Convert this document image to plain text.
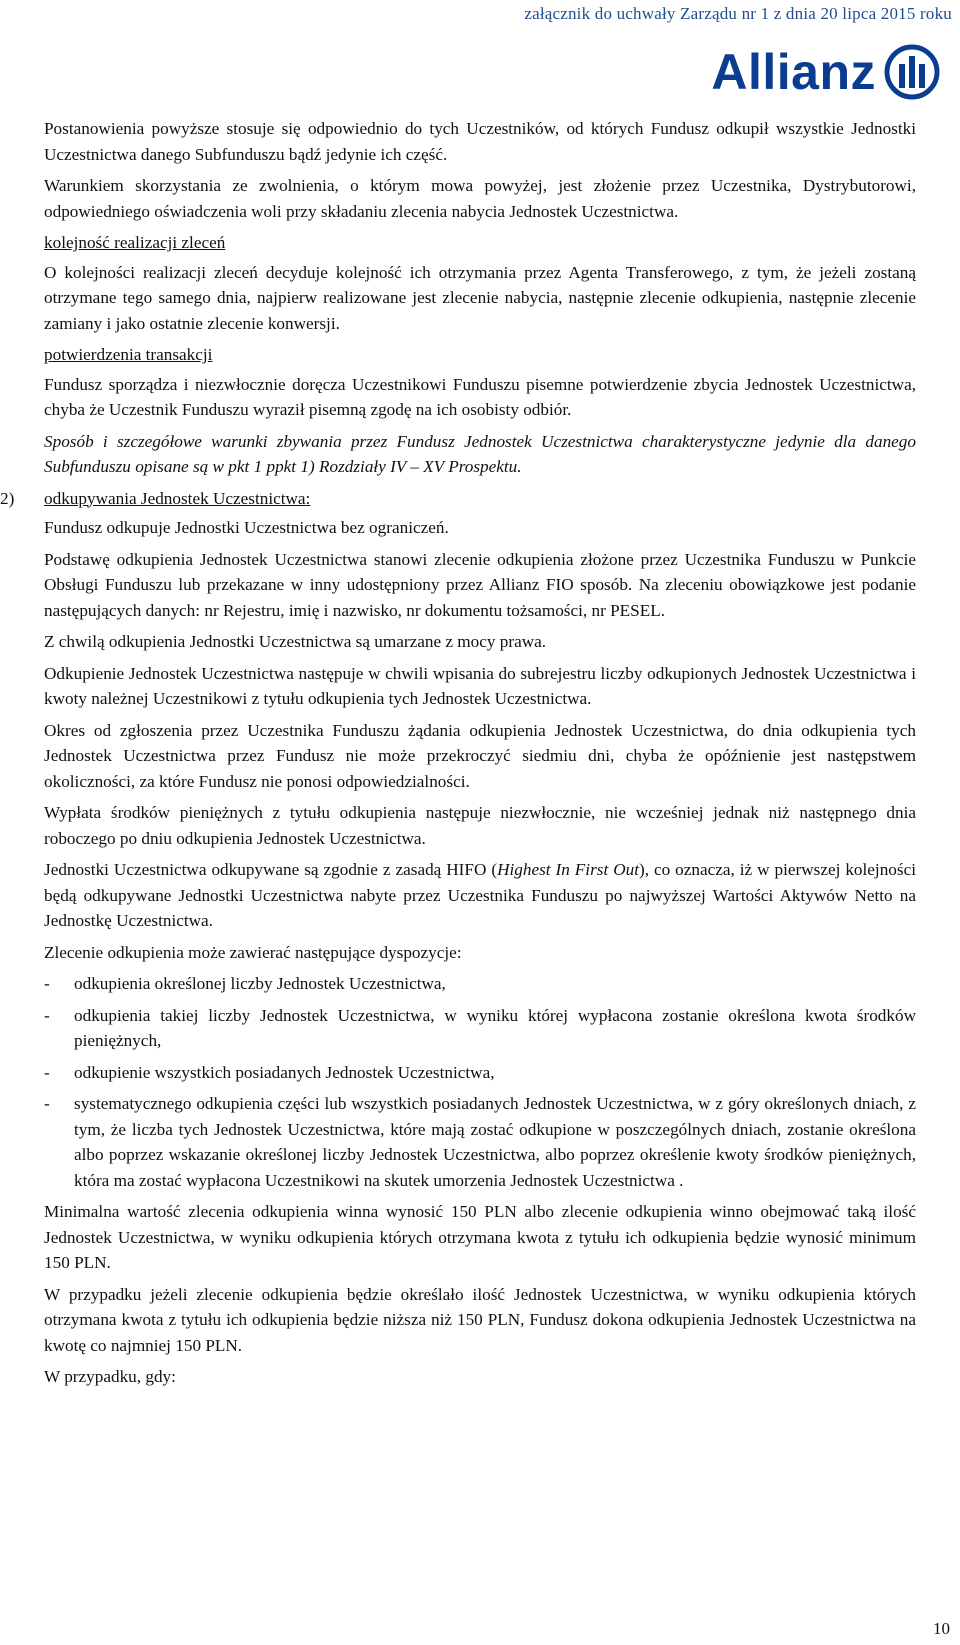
załącznik do uchwały Zarządu nr 1 z dnia 20 lipca 2015 roku
Allianz

Postanowienia powyższe stosuje się odpowiednio do tych Uczestników, od których Fundusz odkupił wszystkie Jednostki Uczestnictwa danego Subfunduszu bądź jedynie ich część.

Warunkiem skorzystania ze zwolnienia, o którym mowa powyżej, jest złożenie przez Uczestnika, Dystrybutorowi, odpowiedniego oświadczenia woli przy składaniu zlecenia nabycia Jednostek Uczestnictwa.

kolejność realizacji zleceń

O kolejności realizacji zleceń decyduje kolejność ich otrzymania przez Agenta Transferowego, z tym, że jeżeli zostaną otrzymane tego samego dnia, najpierw realizowane jest zlecenie nabycia, następnie zlecenie odkupienia, następnie zlecenie zamiany i jako ostatnie zlecenie konwersji.

potwierdzenia transakcji

Fundusz sporządza i niezwłocznie doręcza Uczestnikowi Funduszu pisemne potwierdzenie zbycia Jednostek Uczestnictwa, chyba że Uczestnik Funduszu wyraził pisemną zgodę na ich osobisty odbiór.

Sposób i szczegółowe warunki zbywania przez Fundusz Jednostek Uczestnictwa charakterystyczne jedynie dla danego Subfunduszu opisane są w pkt 1 ppkt 1) Rozdziały IV – XV Prospektu.

2) odkupywania Jednostek Uczestnictwa:

Fundusz odkupuje Jednostki Uczestnictwa bez ograniczeń.

Podstawę odkupienia Jednostek Uczestnictwa stanowi zlecenie odkupienia złożone przez Uczestnika Funduszu w Punkcie Obsługi Funduszu lub przekazane w inny udostępniony przez Allianz FIO sposób. Na zleceniu obowiązkowe jest podanie następujących danych: nr Rejestru, imię i nazwisko, nr dokumentu tożsamości, nr PESEL.

Z chwilą odkupienia Jednostki Uczestnictwa są umarzane z mocy prawa.

Odkupienie Jednostek Uczestnictwa następuje w chwili wpisania do subrejestru liczby odkupionych Jednostek Uczestnictwa i kwoty należnej Uczestnikowi z tytułu odkupienia tych Jednostek Uczestnictwa.

Okres od zgłoszenia przez Uczestnika Funduszu żądania odkupienia Jednostek Uczestnictwa, do dnia odkupienia tych Jednostek Uczestnictwa przez Fundusz nie może przekroczyć siedmiu dni, chyba że opóźnienie jest następstwem okoliczności, za które Fundusz nie ponosi odpowiedzialności.

Wypłata środków pieniężnych z tytułu odkupienia następuje niezwłocznie, nie wcześniej jednak niż następnego dnia roboczego po dniu odkupienia Jednostek Uczestnictwa.

Jednostki Uczestnictwa odkupywane są zgodnie z zasadą HIFO (Highest In First Out), co oznacza, iż w pierwszej kolejności będą odkupywane Jednostki Uczestnictwa nabyte przez Uczestnika Funduszu po najwyższej Wartości Aktywów Netto na Jednostkę Uczestnictwa.

Zlecenie odkupienia może zawierać następujące dyspozycje:

- odkupienia określonej liczby Jednostek Uczestnictwa,
- odkupienia takiej liczby Jednostek Uczestnictwa, w wyniku której wypłacona zostanie określona kwota środków pieniężnych,
- odkupienie wszystkich posiadanych Jednostek Uczestnictwa,
- systematycznego odkupienia części lub wszystkich posiadanych Jednostek Uczestnictwa, w z góry określonych dniach, z tym, że liczba tych Jednostek Uczestnictwa, które mają zostać odkupione w poszczególnych dniach, zostanie określona albo poprzez wskazanie określonej liczby Jednostek Uczestnictwa, albo poprzez określenie kwoty środków pieniężnych, która ma zostać wypłacona Uczestnikowi na skutek umorzenia Jednostek Uczestnictwa .

Minimalna wartość zlecenia odkupienia winna wynosić 150 PLN albo zlecenie odkupienia winno obejmować taką ilość Jednostek Uczestnictwa, w wyniku odkupienia których otrzymana kwota z tytułu ich odkupienia będzie wynosić minimum 150 PLN.

W przypadku jeżeli zlecenie odkupienia będzie określało ilość Jednostek Uczestnictwa, w wyniku odkupienia których otrzymana kwota z tytułu ich odkupienia będzie niższa niż 150 PLN, Fundusz dokona odkupienia Jednostek Uczestnictwa na kwotę co najmniej 150 PLN.

W przypadku, gdy:

10
